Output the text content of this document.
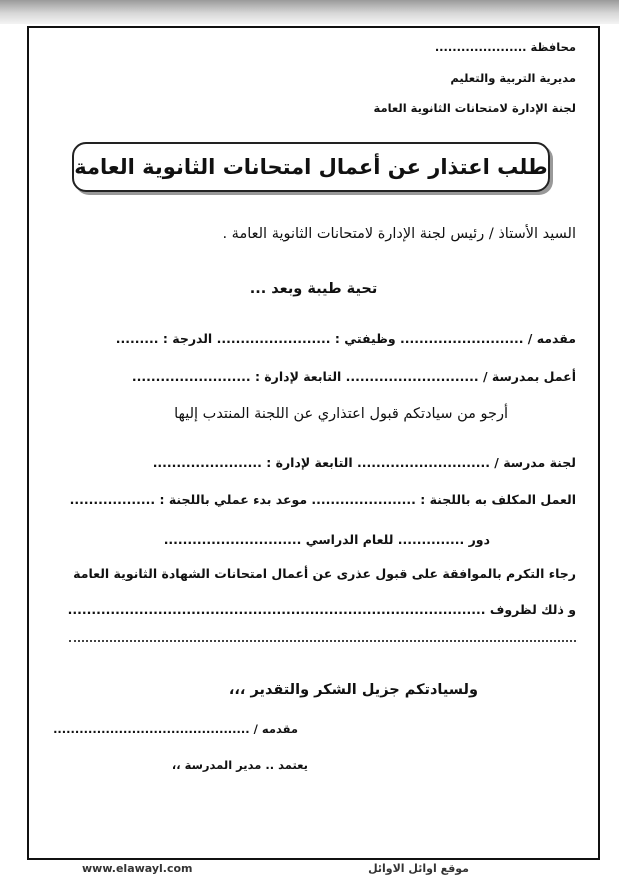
محافظة .....................
مديرية التربية والتعليم
لجنة الإدارة لامتحانات الثانوية العامة
طلب اعتذار عن أعمال امتحانات الثانوية العامة
السيد الأستاذ / رئيس لجنة الإدارة لامتحانات الثانوية العامة .
تحية طيبة وبعد ...
مقدمه / .......................... وظيفتي : ........................ الدرجة : .........
أعمل بمدرسة / ............................ التابعة لإدارة : .........................
أرجو من سيادتكم قبول اعتذاري عن اللجنة المنتدب إليها
لجنة مدرسة / ............................ التابعة لإدارة : .......................
العمل المكلف به باللجنة : ...................... موعد بدء عملي باللجنة : ..................
دور .............. للعام الدراسي .............................
رجاء التكرم بالموافقة على قبول عذرى عن أعمال امتحانات الشهادة الثانوية العامة
و ذلك لظروف ........................................................................................
ولسيادتكم جزيل الشكر والتقدير ،،،
مقدمه / .............................................
يعتمد .. مدير المدرسة ،،
www.elawayl.com	موقع اوائل الاوائل
